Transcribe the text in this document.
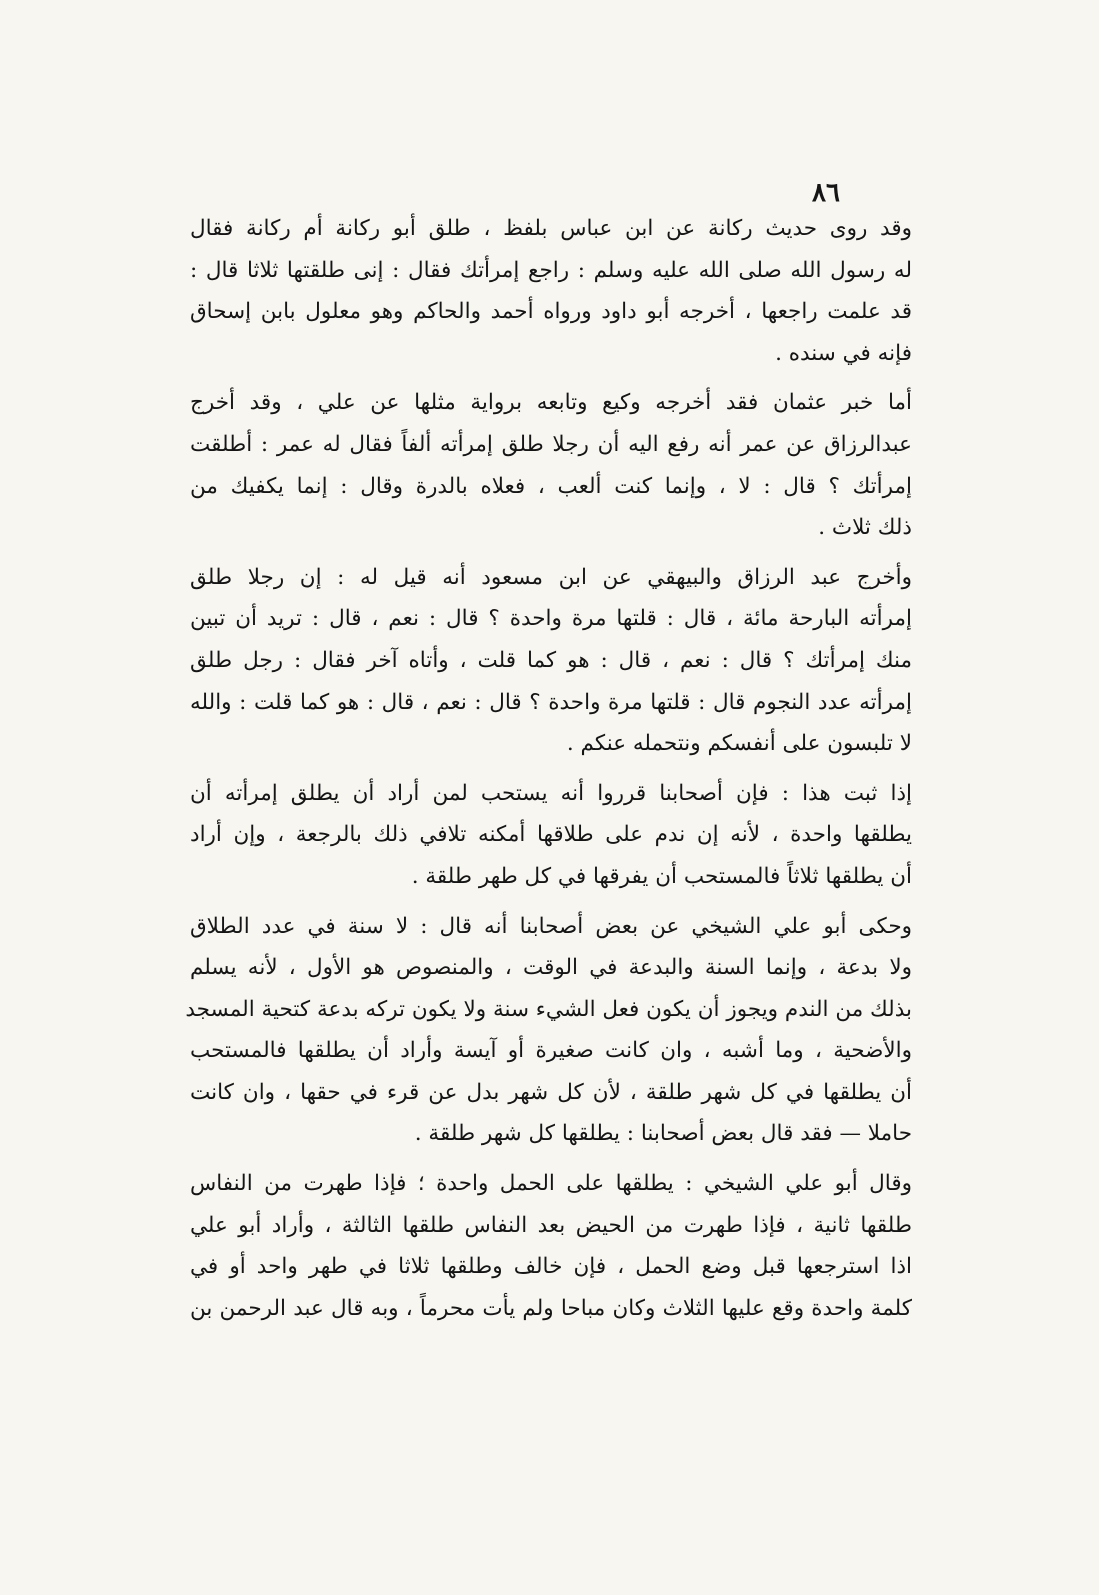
٨٦
وقد روى حديث ركانة عن ابن عباس بلفظ ، طلق أبو ركانة أم ركانة فقال
له رسول الله صلى الله عليه وسلم : راجع إمرأتك فقال : إنى طلقتها ثلاثا قال :
قد علمت راجعها ، أخرجه أبو داود ورواه أحمد والحاكم وهو معلول بابن إسحاق
فإنه في سنده .
أما خبر عثمان فقد أخرجه وكيع وتابعه برواية مثلها عن علي ، وقد أخرج
عبدالرزاق عن عمر أنه رفع اليه أن رجلا طلق إمرأته ألفاً فقال له عمر : أطلقت
إمرأتك ؟ قال : لا ، وإنما كنت ألعب ، فعلاه بالدرة وقال : إنما يكفيك من
ذلك ثلاث .
وأخرج عبد الرزاق والبيهقي عن ابن مسعود أنه قيل له : إن رجلا طلق
إمرأته البارحة مائة ، قال : قلتها مرة واحدة ؟ قال : نعم ، قال : تريد أن تبين
منك إمرأتك ؟ قال : نعم ، قال : هو كما قلت ، وأتاه آخر فقال : رجل طلق
إمرأته عدد النجوم قال : قلتها مرة واحدة ؟ قال : نعم ، قال : هو كما قلت : والله
لا تلبسون على أنفسكم ونتحمله عنكم .
إذا ثبت هذا : فإن أصحابنا قرروا أنه يستحب لمن أراد أن يطلق إمرأته أن
يطلقها واحدة ، لأنه إن ندم على طلاقها أمكنه تلافي ذلك بالرجعة ، وإن أراد
أن يطلقها ثلاثاً فالمستحب أن يفرقها في كل طهر طلقة .
وحكى أبو علي الشيخي عن بعض أصحابنا أنه قال : لا سنة في عدد الطلاق
ولا بدعة ، وإنما السنة والبدعة في الوقت ، والمنصوص هو الأول ، لأنه يسلم
بذلك من الندم ويجوز أن يكون فعل الشيء سنة ولا يكون تركه بدعة كتحية المسجد
والأضحية ، وما أشبه ، وان كانت صغيرة أو آيسة وأراد أن يطلقها فالمستحب
أن يطلقها في كل شهر طلقة ، لأن كل شهر بدل عن قرء في حقها ، وان كانت
حاملا — فقد قال بعض أصحابنا : يطلقها كل شهر طلقة .
وقال أبو علي الشيخي : يطلقها على الحمل واحدة ؛ فإذا طهرت من النفاس
طلقها ثانية ، فإذا طهرت من الحيض بعد النفاس طلقها الثالثة ، وأراد أبو علي
اذا استرجعها قبل وضع الحمل ، فإن خالف وطلقها ثلاثا في طهر واحد أو في
كلمة واحدة وقع عليها الثلاث وكان مباحا ولم يأت محرماً ، وبه قال عبد الرحمن بن
